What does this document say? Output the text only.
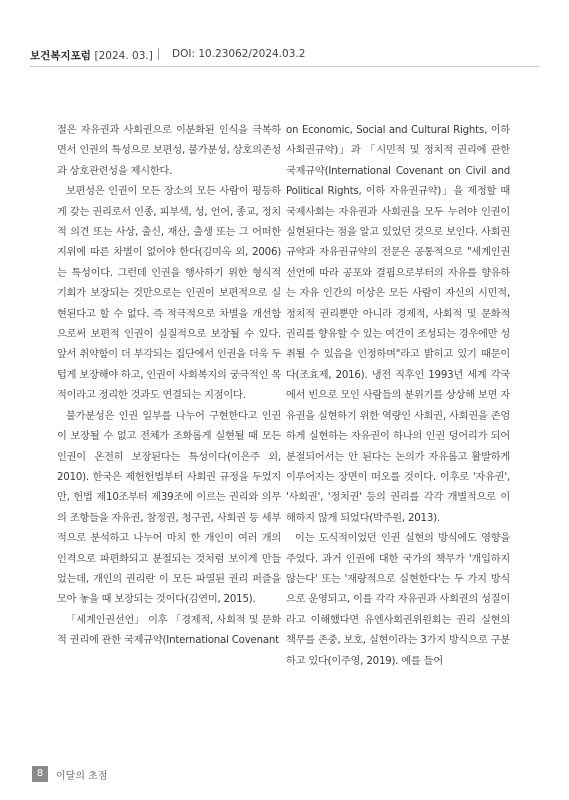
보건복지포럼 [2024. 03.] DOI: 10.23062/2024.03.2

절은 자유권과 사회권으로 이분화된 인식을 극복하면서 인권의 특성으로 보편성, 불가분성, 상호의존성과 상호관련성을 제시한다.

보편성은 인권이 모든 장소의 모든 사람이 평등하게 갖는 권리로서 인종, 피부색, 성, 언어, 종교, 정치적 의견 또는 사상, 출신, 재산, 출생 또는 그 어떠한 지위에 따른 차별이 없어야 한다(김미옥 외, 2006)는 특성이다. 그런데 인권을 행사하기 위한 형식적 기회가 보장되는 것만으로는 인권이 보편적으로 실현된다고 할 수 없다. 즉 적극적으로 차별을 개선함으로써 보편적 인권이 실질적으로 보장될 수 있다. 앞서 취약함이 더 부각되는 집단에서 인권을 더욱 두텁게 보장해야 하고, 인권이 사회복지의 궁극적인 목적이라고 정리한 것과도 연결되는 지점이다.

불가분성은 인권 일부를 나누어 구현한다고 인권이 보장될 수 없고 전체가 조화롭게 실현될 때 모든 인권이 온전히 보장된다는 특성이다(이은주 외, 2010). 한국은 제헌헌법부터 사회권 규정을 두었지만, 헌법 제10조부터 제39조에 이르는 권리와 의무의 조항들을 자유권, 참정권, 청구권, 사회권 등 세부적으로 분석하고 나누어 마치 한 개인이 여러 개의 인격으로 파편화되고 분절되는 것처럼 보이게 만들었는데, 개인의 권리란 이 모든 파열된 권리 퍼즐을 모아 놓을 때 보장되는 것이다(김연미, 2015).

「세계인권선언」 이후 「경제적, 사회적 및 문화적 권리에 관한 국제규약(International Covenant

on Economic, Social and Cultural Rights, 이하 사회권규약)」과 「시민적 및 정치적 권리에 관한 국제규약(International Covenant on Civil and Political Rights, 이하 자유권규약)」을 제정할 때 국제사회는 자유권과 사회권을 모두 누려야 인권이 실현된다는 점을 알고 있었던 것으로 보인다. 사회권규약과 자유권규약의 전문은 공통적으로 "세계인권선언에 따라 공포와 결핍으로부터의 자유를 향유하는 자유 인간의 이상은 모든 사람이 자신의 시민적, 정치적 권리뿐만 아니라 경제적, 사회적 및 문화적 권리를 향유할 수 있는 여건이 조성되는 경우에만 성취될 수 있음을 인정하며"라고 밝히고 있기 때문이다(조효제, 2016). 냉전 직후인 1993년 세계 각국에서 빈으로 모인 사람들의 분위기를 상상해 보면 자유권을 실현하기 위한 역량인 사회권, 사회권을 존엄하게 실현하는 자유권이 하나의 인권 덩어리가 되어 분절되어서는 안 된다는 논의가 자유롭고 활발하게 이루어지는 장면이 떠오를 것이다. 이후로 '자유권', '사회권', '정치권' 등의 권리를 각각 개별적으로 이해하지 않게 되었다(박주원, 2013).

이는 도식적이었던 인권 실현의 방식에도 영향을 주었다. 과거 인권에 대한 국가의 책무가 '개입하지 않는다' 또는 '재량적으로 실현한다'는 두 가지 방식으로 운영되고, 이를 각각 자유권과 사회권의 성질이라고 이해했다면 유엔사회권위원회는 권리 실현의 책무를 존중, 보호, 실현이라는 3가지 방식으로 구분하고 있다(이주영, 2019). 예를 들어

8	이달의 초점
